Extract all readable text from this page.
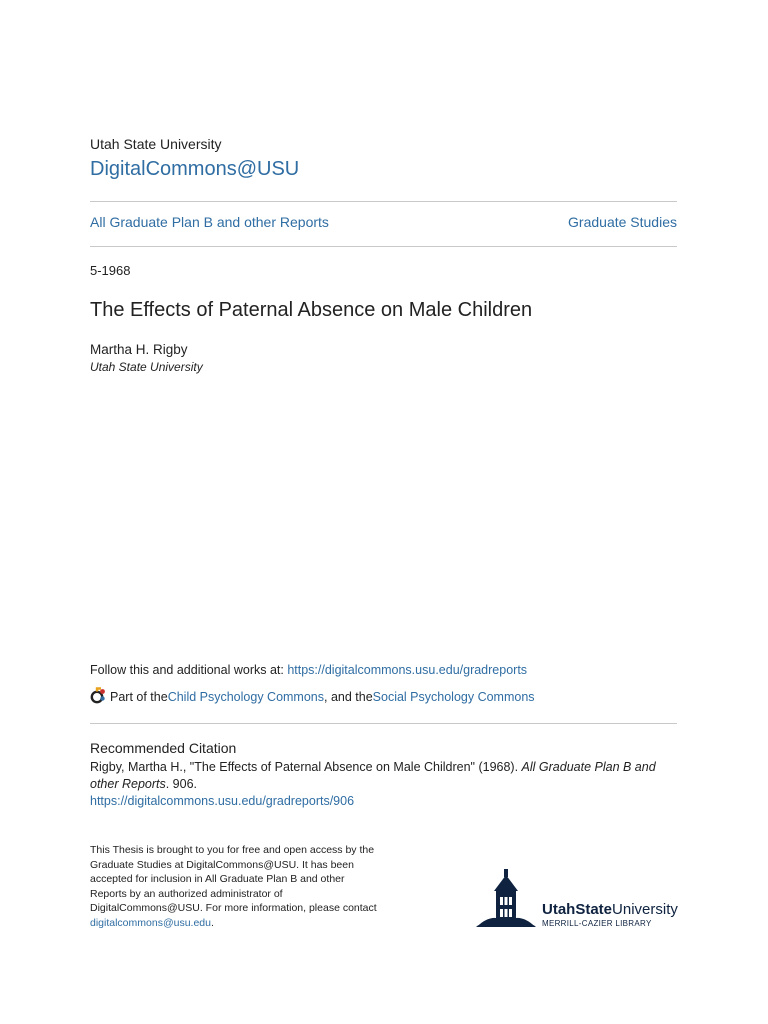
Utah State University
DigitalCommons@USU
All Graduate Plan B and other Reports	Graduate Studies
5-1968
The Effects of Paternal Absence on Male Children
Martha H. Rigby
Utah State University
Follow this and additional works at: https://digitalcommons.usu.edu/gradreports
Part of the Child Psychology Commons , and the Social Psychology Commons
Recommended Citation
Rigby, Martha H., "The Effects of Paternal Absence on Male Children" (1968). All Graduate Plan B and other Reports. 906.
https://digitalcommons.usu.edu/gradreports/906
This Thesis is brought to you for free and open access by the Graduate Studies at DigitalCommons@USU. It has been accepted for inclusion in All Graduate Plan B and other Reports by an authorized administrator of DigitalCommons@USU. For more information, please contact digitalcommons@usu.edu.
UtahStateUniversity
MERRILL-CAZIER LIBRARY
